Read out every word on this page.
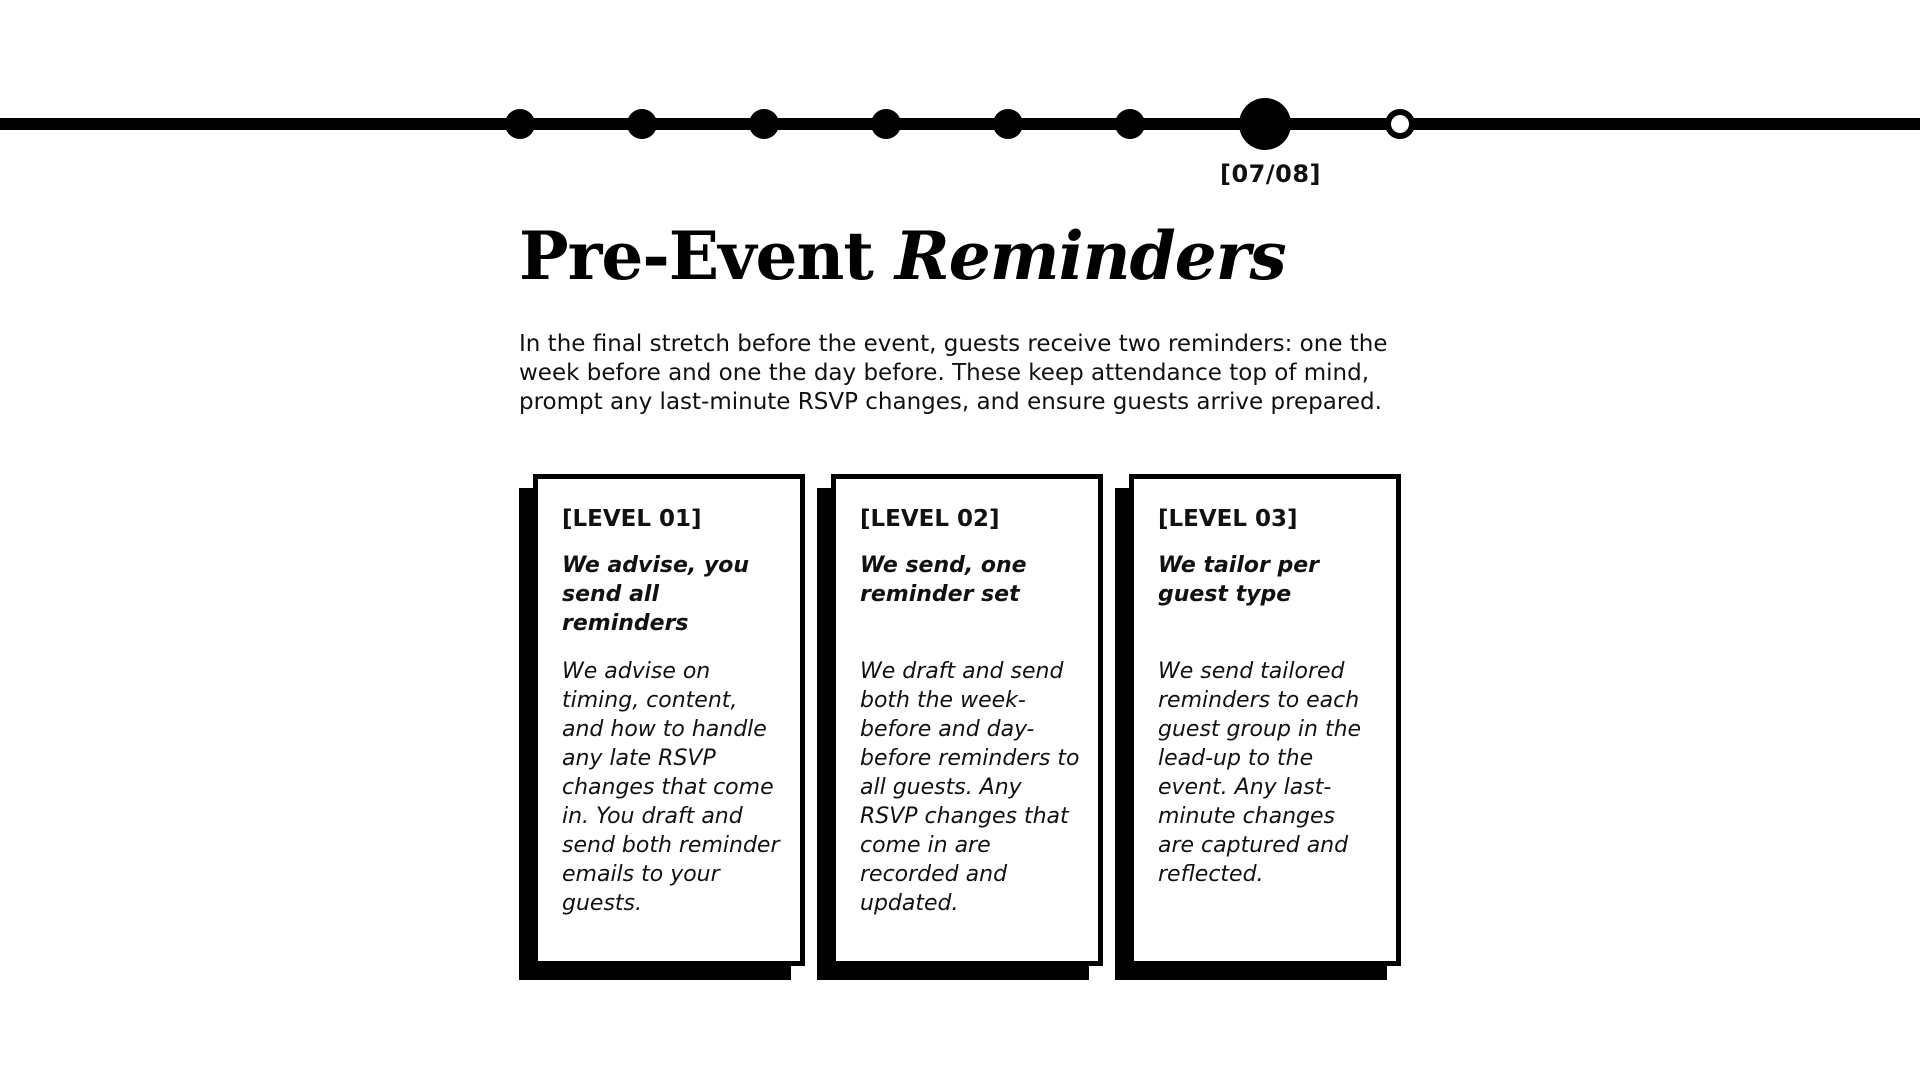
[07/08]
Pre-Event Reminders

In the final stretch before the event, guests receive two reminders: one the week before and one the day before. These keep attendance top of mind, prompt any last-minute RSVP changes, and ensure guests arrive prepared.

[LEVEL 01]

We advise, you send all reminders

We advise on timing, content, and how to handle any late RSVP changes that come in. You draft and send both reminder emails to your guests.

[LEVEL 02]

We send, one reminder set

We draft and send both the week-before and day-before reminders to all guests. Any RSVP changes that come in are recorded and updated.

[LEVEL 03]

We tailor per guest type

We send tailored reminders to each guest group in the lead-up to the event. Any last-minute changes are captured and reflected.
